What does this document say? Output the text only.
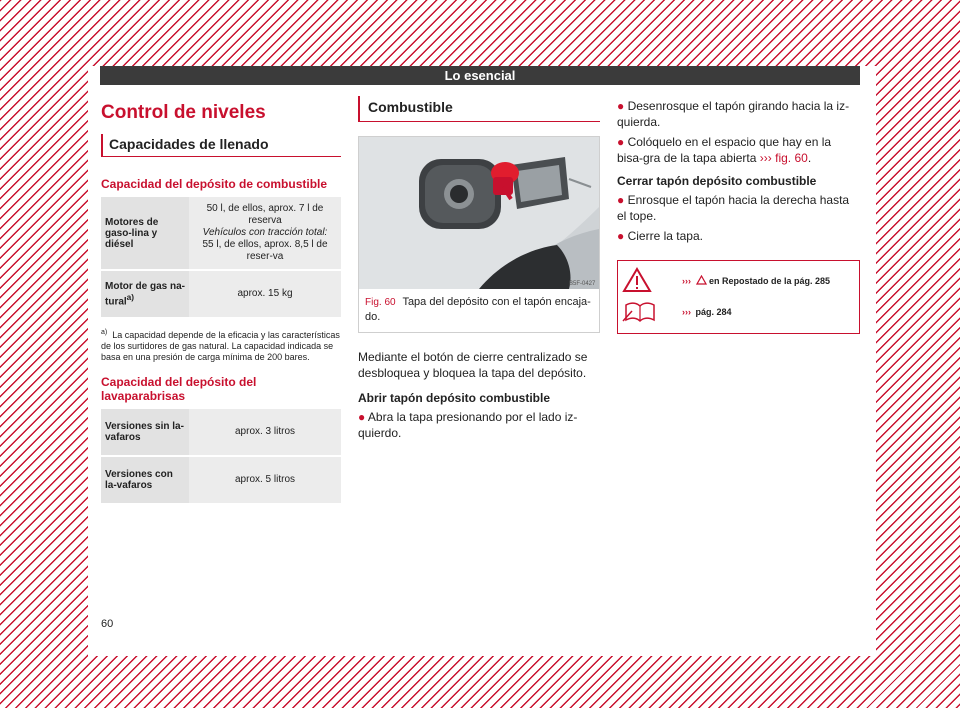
Lo esencial
Control de niveles
Capacidades de llenado
Capacidad del depósito de combustible
Motores de gaso-lina y diésel	50 l, de ellos, aprox. 7 l de reserva
Vehículos con tracción total:
55 l, de ellos, aprox. 8,5 l de reser-va

Motor de gas na-tural$^{a)}$	aprox. 15 kg
$^{a)}$ La capacidad depende de la eficacia y las características de los surtidores de gas natural. La capacidad indicada se basa en una presión de carga mínima de 200 bares.
Capacidad del depósito del lavaparabrisas
Versiones sin la-vafaros	aprox. 3 litros
Versiones con la-vafaros	aprox. 5 litros
Combustible
B5F-0427
Fig. 60 Tapa del depósito con el tapón encaja-do.

Mediante el botón de cierre centralizado se desbloquea y bloquea la tapa del depósito.

Abrir tapón depósito combustible
● Abra la tapa presionando por el lado iz-quierdo.
● Desenrosque el tapón girando hacia la iz-quierda.
● Colóquelo en el espacio que hay en la bisa-gra de la tapa abierta ››› fig. 60.
Cerrar tapón depósito combustible
● Enrosque el tapón hacia la derecha hasta el tope.
● Cierre la tapa.
››› en Repostado de la pág. 285
››› pág. 284
60
